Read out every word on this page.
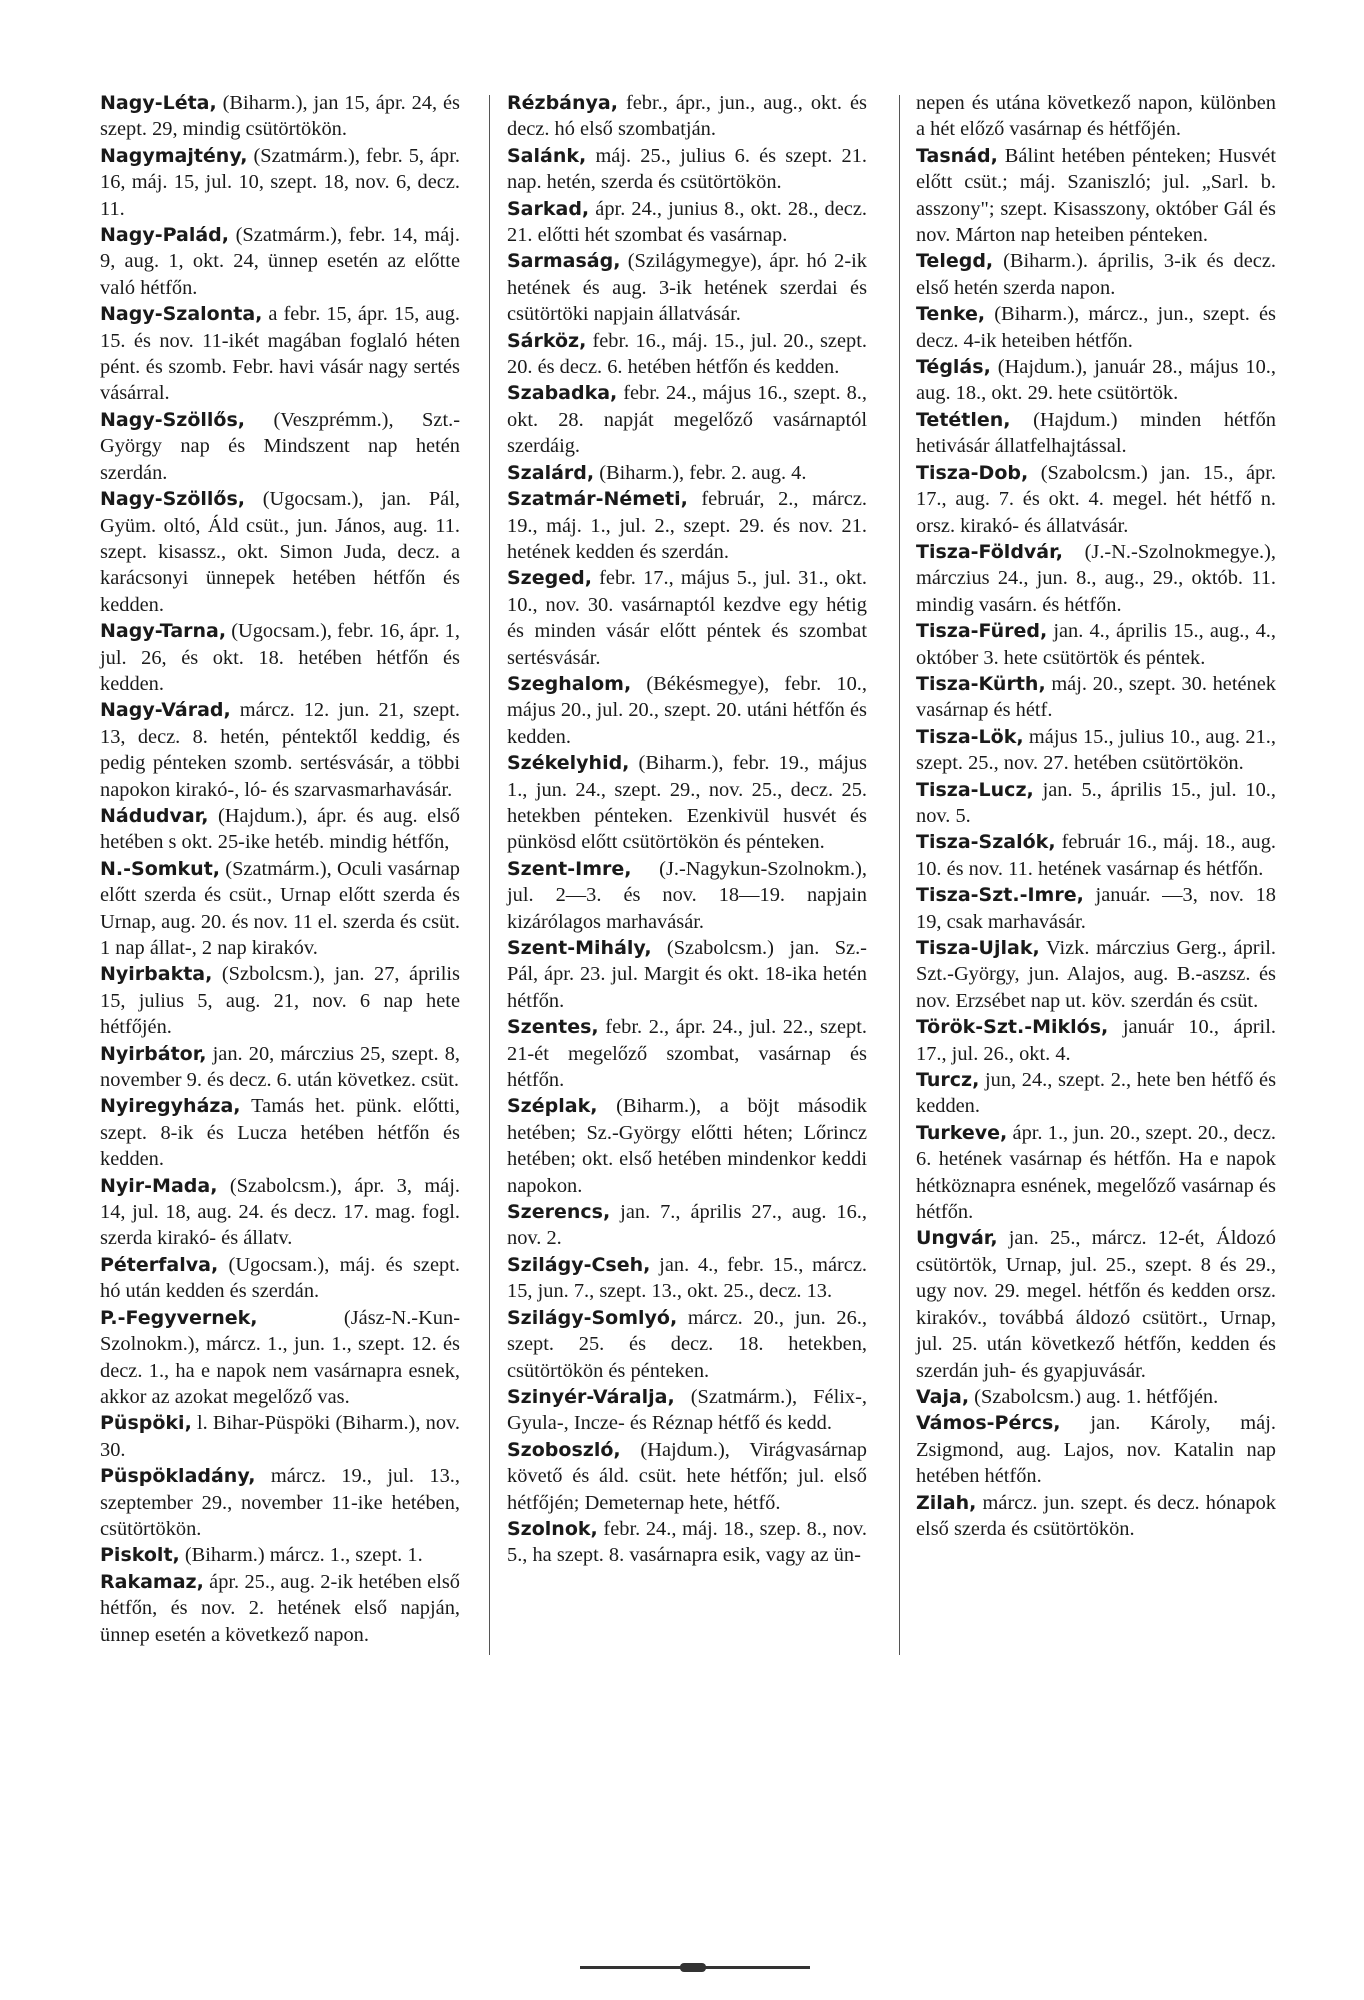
Nagy-Léta, (Biharm.), jan 15, ápr. 24, és szept. 29, mindig csütörtökön.

Nagymajtény, (Szatmárm.), febr. 5, ápr. 16, máj. 15, jul. 10, szept. 18, nov. 6, decz. 11.

Nagy-Palád, (Szatmárm.), febr. 14, máj. 9, aug. 1, okt. 24, ünnep esetén az előtte való hétfőn.

Nagy-Szalonta, a febr. 15, ápr. 15, aug. 15. és nov. 11-ikét magában foglaló héten pént. és szomb. Febr. havi vásár nagy sertés vásárral.

Nagy-Szöllős, (Veszprémm.), Szt.-György nap és Mindszent nap hetén szerdán.

Nagy-Szöllős, (Ugocsam.), jan. Pál, Gyüm. oltó, Áld csüt., jun. János, aug. 11. szept. kisassz., okt. Simon Juda, decz. a karácsonyi ünnepek hetében hétfőn és kedden.

Nagy-Tarna, (Ugocsam.), febr. 16, ápr. 1, jul. 26, és okt. 18. hetében hétfőn és kedden.

Nagy-Várad, márcz. 12. jun. 21, szept. 13, decz. 8. hetén, péntektől keddig, és pedig pénteken szomb. sertésvásár, a többi napokon kirakó-, ló- és szarvasmarhavásár.

Nádudvar, (Hajdum.), ápr. és aug. első hetében s okt. 25-ike hetéb. mindig hétfőn,

N.-Somkut, (Szatmárm.), Oculi vasárnap előtt szerda és csüt., Urnap előtt szerda és Urnap, aug. 20. és nov. 11 el. szerda és csüt. 1 nap állat-, 2 nap kirakóv.

Nyirbakta, (Szbolcsm.), jan. 27, április 15, julius 5, aug. 21, nov. 6 nap hete hétfőjén.

Nyirbátor, jan. 20, márczius 25, szept. 8, november 9. és decz. 6. után következ. csüt.

Nyiregyháza, Tamás het. pünk. előtti, szept. 8-ik és Lucza hetében hétfőn és kedden.

Nyir-Mada, (Szabolcsm.), ápr. 3, máj. 14, jul. 18, aug. 24. és decz. 17. mag. fogl. szerda kirakó- és állatv.

Péterfalva, (Ugocsam.), máj. és szept. hó után kedden és szerdán.

P.-Fegyvernek,	(Jász-N.-Kun-Szolnokm.), márcz. 1., jun. 1., szept. 12. és decz. 1., ha e napok nem vasárnapra esnek, akkor az azokat megelőző vas.

Püspöki, l. Bihar-Püspöki (Biharm.), nov. 30.

Püspökladány, márcz. 19., jul. 13., szeptember 29., november 11-ike hetében, csütörtökön.

Piskolt, (Biharm.) márcz. 1., szept. 1.

Rakamaz, ápr. 25., aug. 2-ik hetében első hétfőn, és nov. 2. hetének első napján, ünnep esetén a következő napon.

Rézbánya, febr., ápr., jun., aug., okt. és decz. hó első szombatján.

Salánk, máj. 25., julius 6. és szept. 21. nap. hetén, szerda és csütörtökön.

Sarkad, ápr. 24., junius 8., okt. 28., decz. 21. előtti hét szombat és vasárnap.

Sarmaság, (Szilágymegye), ápr. hó 2-ik hetének és aug. 3-ik hetének szerdai és csütörtöki napjain állatvásár.

Sárköz, febr. 16., máj. 15., jul. 20., szept. 20. és decz. 6. hetében hétfőn és kedden.

Szabadka, febr. 24., május 16., szept. 8., okt. 28. napját megelőző vasárnaptól szerdáig.

Szalárd, (Biharm.), febr. 2. aug. 4.

Szatmár-Németi, február, 2., márcz. 19., máj. 1., jul. 2., szept. 29. és nov. 21. hetének kedden és szerdán.

Szeged, febr. 17., május 5., jul. 31., okt. 10., nov. 30. vasárnaptól kezdve egy hétig és minden vásár előtt péntek és szombat sertésvásár.

Szeghalom, (Békésmegye), febr. 10., május 20., jul. 20., szept. 20. utáni hétfőn és kedden.

Székelyhid, (Biharm.), febr. 19., május 1., jun. 24., szept. 29., nov. 25., decz. 25. hetekben pénteken. Ezenkivül husvét és pünkösd előtt csütörtökön és pénteken.

Szent-Imre, (J.-Nagykun-Szolnokm.), jul. 2—3. és nov. 18—19. napjain kizárólagos marhavásár.

Szent-Mihály, (Szabolcsm.) jan. Sz.-Pál, ápr. 23. jul. Margit és okt. 18-ika hetén hétfőn.

Szentes, febr. 2., ápr. 24., jul. 22., szept. 21-ét megelőző szombat, vasárnap és hétfőn.

Széplak, (Biharm.), a böjt második hetében; Sz.-György előtti héten; Lőrincz hetében; okt. első hetében mindenkor keddi napokon.

Szerencs, jan. 7., április 27., aug. 16., nov. 2.

Szilágy-Cseh, jan. 4., febr. 15., márcz. 15, jun. 7., szept. 13., okt. 25., decz. 13.

Szilágy-Somlyó, márcz. 20., jun. 26., szept. 25. és decz. 18. hetekben, csütörtökön és pénteken.

Szinyér-Váralja, (Szatmárm.), Félix-, Gyula-, Incze- és Réznap hétfő és kedd.

Szoboszló, (Hajdum.), Virágvasárnap követő és áld. csüt. hete hétfőn; jul. első hétfőjén; Demeternap hete, hétfő.

Szolnok, febr. 24., máj. 18., szep. 8., nov. 5., ha szept. 8. vasárnapra esik, vagy az ün-

nepen és utána következő napon, különben a hét előző vasárnap és hétfőjén.

Tasnád, Bálint hetében pénteken; Husvét előtt csüt.; máj. Szaniszló; jul. „Sarl. b. asszony"; szept. Kisasszony, október Gál és nov. Márton nap heteiben pénteken.

Telegd, (Biharm.). április, 3-ik és decz. első hetén szerda napon.

Tenke, (Biharm.), márcz., jun., szept. és decz. 4-ik heteiben hétfőn.

Téglás, (Hajdum.), január 28., május 10., aug. 18., okt. 29. hete csütörtök.

Tetétlen, (Hajdum.) minden hétfőn hetivásár állatfelhajtással.

Tisza-Dob, (Szabolcsm.) jan. 15., ápr. 17., aug. 7. és okt. 4. megel. hét hétfő n. orsz. kirakó- és állatvásár.

Tisza-Földvár, (J.-N.-Szolnokmegye.), márczius 24., jun. 8., aug., 29., októb. 11. mindig vasárn. és hétfőn.

Tisza-Füred, jan. 4., április 15., aug., 4., október 3. hete csütörtök és péntek.

Tisza-Kürth, máj. 20., szept. 30. hetének vasárnap és hétf.

Tisza-Lök, május 15., julius 10., aug. 21., szept. 25., nov. 27. hetében csütörtökön.

Tisza-Lucz, jan. 5., április 15., jul. 10., nov. 5.

Tisza-Szalók, február 16., máj. 18., aug. 10. és nov. 11. hetének vasárnap és hétfőn.

Tisza-Szt.-Imre, január. —3, nov. 18 19, csak marhavásár.

Tisza-Ujlak, Vizk. márczius Gerg., ápril. Szt.-György, jun. Alajos, aug. B.-aszsz. és nov. Erzsébet nap ut. köv. szerdán és csüt.

Török-Szt.-Miklós, január 10., ápril. 17., jul. 26., okt. 4.

Turcz, jun, 24., szept. 2., hete ben hétfő és kedden.

Turkeve, ápr. 1., jun. 20., szept. 20., decz. 6. hetének vasárnap és hétfőn. Ha e napok hétköznapra esnének, megelőző vasárnap és hétfőn.

Ungvár, jan. 25., márcz. 12-ét, Áldozó csütörtök, Urnap, jul. 25., szept. 8 és 29., ugy nov. 29. megel. hétfőn és kedden orsz. kirakóv., továbbá áldozó csütört., Urnap, jul. 25. után következő hétfőn, kedden és szerdán juh- és gyapjuvásár.

Vaja, (Szabolcsm.) aug. 1. hétfőjén.

Vámos-Pércs, jan. Károly, máj. Zsigmond, aug. Lajos, nov. Katalin nap hetében hétfőn.

Zilah, márcz. jun. szept. és decz. hónapok első szerda és csütörtökön.
